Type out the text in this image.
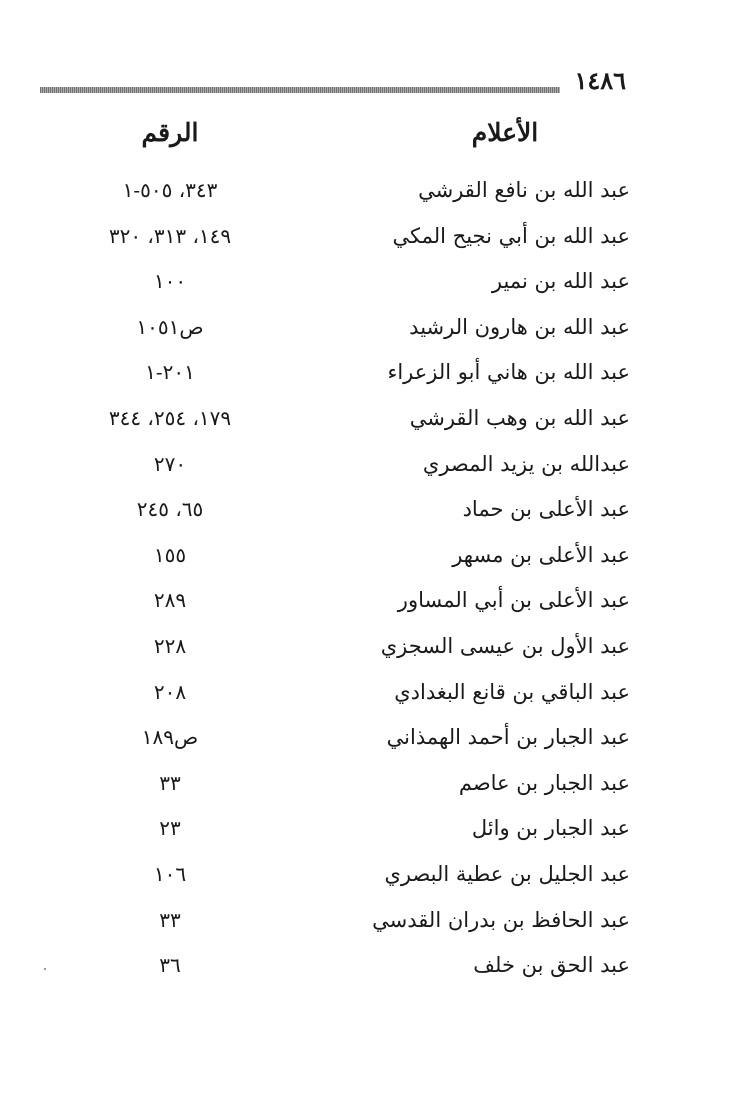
١٤٨٦
الأعلام
الرقم
عبد الله بن نافع القرشي
٣٤٣، ٥٠٥-١
عبد الله بن أبي نجيح المكي
١٤٩، ٣١٣، ٣٢٠
عبد الله بن نمير
١٠٠
عبد الله بن هارون الرشيد
ص١٠٥١
عبد الله بن هاني أبو الزعراء
٢٠١-١
عبد الله بن وهب القرشي
١٧٩، ٢٥٤، ٣٤٤
عبدالله بن يزيد المصري
٢٧٠
عبد الأعلى بن حماد
٦٥، ٢٤٥
عبد الأعلى بن مسهر
١٥٥
عبد الأعلى بن أبي المساور
٢٨٩
عبد الأول بن عيسى السجزي
٢٢٨
عبد الباقي بن قانع البغدادي
٢٠٨
عبد الجبار بن أحمد الهمذاني
ص١٨٩
عبد الجبار بن عاصم
٣٣
عبد الجبار بن وائل
٢٣
عبد الجليل بن عطية البصري
١٠٦
عبد الحافظ بن بدران القدسي
٣٣
عبد الحق بن خلف
٣٦
